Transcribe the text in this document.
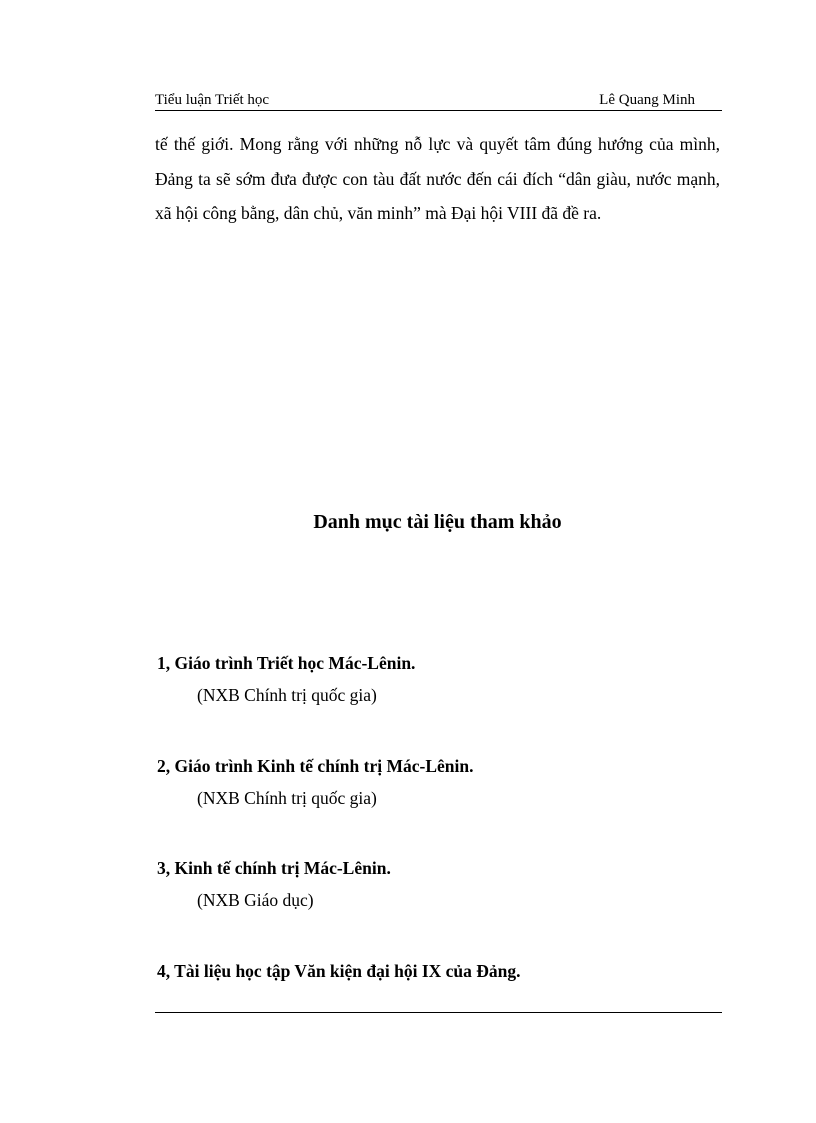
Tiểu luận Triết học	Lê Quang Minh

tế thế giới. Mong rằng với những nỗ lực và quyết tâm đúng hướng của mình, Đảng ta sẽ sớm đưa được con tàu đất nước đến cái đích “dân giàu, nước mạnh, xã hội công bằng, dân chủ, văn minh” mà Đại hội VIII đã đề ra.

Danh mục tài liệu tham khảo
1, Giáo trình Triết học Mác-Lênin.
(NXB Chính trị quốc gia)
2, Giáo trình Kinh tế chính trị Mác-Lênin.
(NXB Chính trị quốc gia)
3, Kinh tế chính trị Mác-Lênin.
(NXB Giáo dục)
4, Tài liệu học tập Văn kiện đại hội IX của Đảng.
